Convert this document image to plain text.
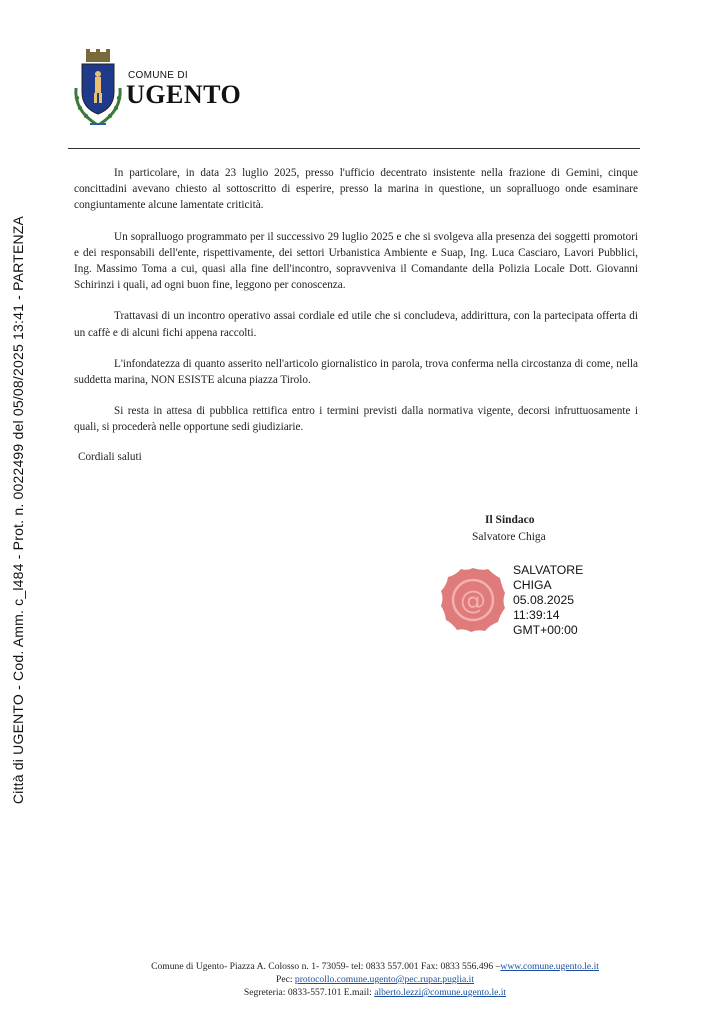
Città di UGENTO - Cod. Amm. c_l484 - Prot. n. 0022499 del 05/08/2025 13:41 - PARTENZA
COMUNE DI
UGENTO

In particolare, in data 23 luglio 2025, presso l'ufficio decentrato insistente nella frazione di Gemini, cinque concittadini avevano chiesto al sottoscritto di esperire, presso la marina in questione, un sopralluogo onde esaminare congiuntamente alcune lamentate criticità.

Un sopralluogo programmato per il successivo 29 luglio 2025 e che si svolgeva alla presenza dei soggetti promotori e dei responsabili dell'ente, rispettivamente, dei settori Urbanistica Ambiente e Suap, Ing. Luca Casciaro, Lavori Pubblici, Ing. Massimo Toma a cui, quasi alla fine dell'incontro, sopravveniva il Comandante della Polizia Locale Dott. Giovanni Schirinzi i quali, ad ogni buon fine, leggono per conoscenza.

Trattavasi di un incontro operativo assai cordiale ed utile che si concludeva, addirittura, con la partecipata offerta di un caffè e di alcuni fichi appena raccolti.

L'infondatezza di quanto asserito nell'articolo giornalistico in parola, trova conferma nella circostanza di come, nella suddetta marina, NON ESISTE alcuna piazza Tirolo.

Si resta in attesa di pubblica rettifica entro i termini previsti dalla normativa vigente, decorsi infruttuosamente i quali, si procederà nelle opportune sedi giudiziarie.

Cordiali saluti
Il Sindaco
Salvatore Chiga
@
SALVATORE
CHIGA
05.08.2025
11:39:14
GMT+00:00
Comune di Ugento- Piazza A. Colosso n. 1- 73059- tel: 0833 557.001 Fax: 0833 556.496 –www.comune.ugento.le.it
Pec: protocollo.comune.ugento@pec.rupar.puglia.it
Segreteria: 0833-557.101 E.mail: alberto.lezzi@comune.ugento.le.it
